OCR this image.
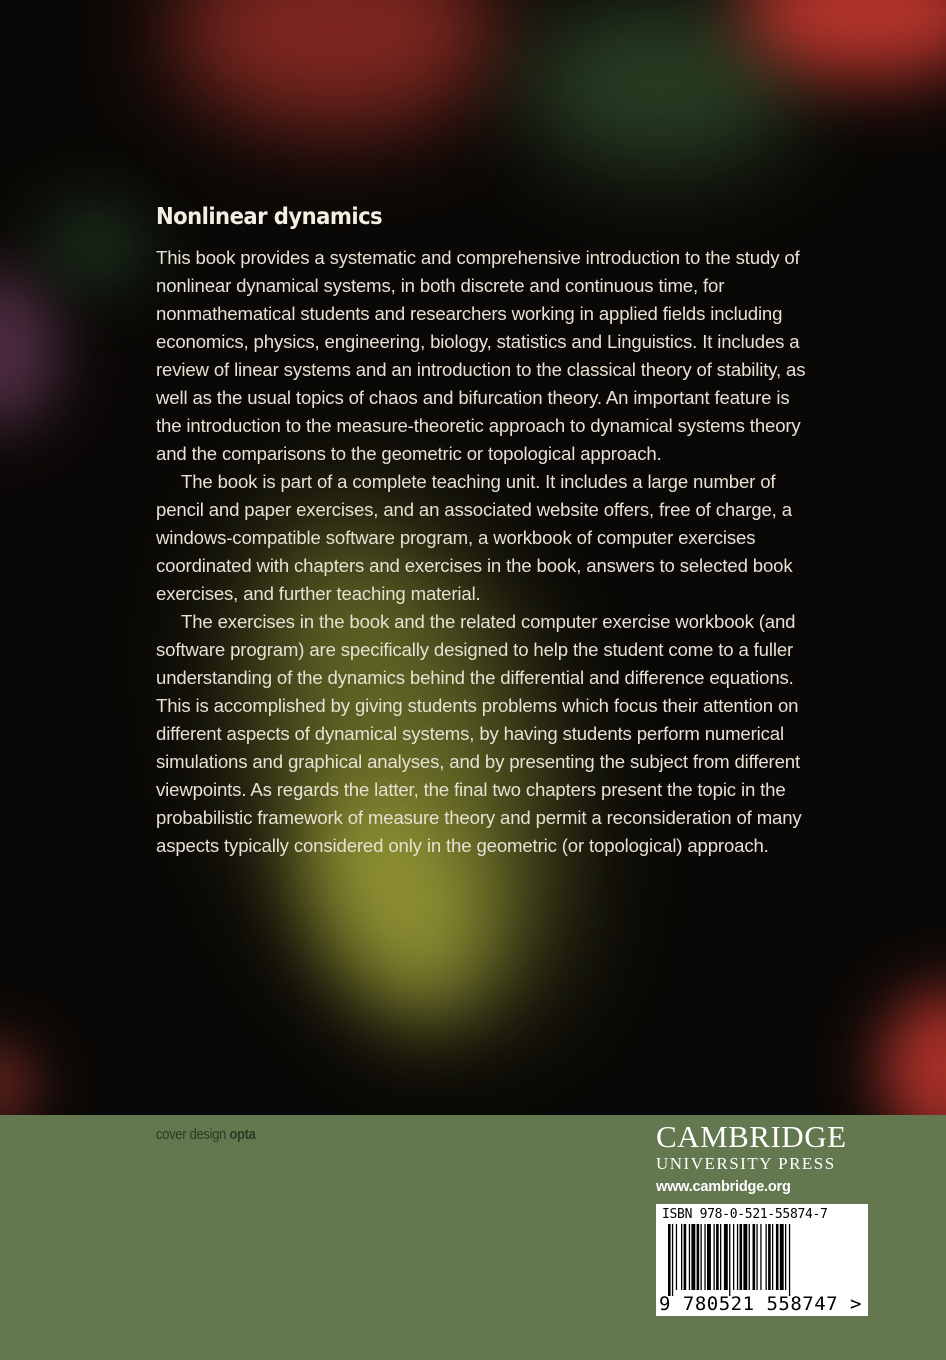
Nonlinear dynamics

This book provides a systematic and comprehensive introduction to the study of nonlinear dynamical systems, in both discrete and continuous time, for nonmathematical students and researchers working in applied fields including economics, physics, engineering, biology, statistics and Linguistics. It includes a review of linear systems and an introduction to the classical theory of stability, as well as the usual topics of chaos and bifurcation theory. An important feature is the introduction to the measure-theoretic approach to dynamical systems theory and the comparisons to the geometric or topological approach.

The book is part of a complete teaching unit. It includes a large number of pencil and paper exercises, and an associated website offers, free of charge, a windows-compatible software program, a workbook of computer exercises coordinated with chapters and exercises in the book, answers to selected book exercises, and further teaching material.

The exercises in the book and the related computer exercise workbook (and software program) are specifically designed to help the student come to a fuller understanding of the dynamics behind the differential and difference equations. This is accomplished by giving students problems which focus their attention on different aspects of dynamical systems, by having students perform numerical simulations and graphical analyses, and by presenting the subject from different viewpoints. As regards the latter, the final two chapters present the topic in the probabilistic framework of measure theory and permit a reconsideration of many aspects typically considered only in the geometric (or topological) approach.

cover design opta	CAMBRIDGE
UNIVERSITY PRESS
www.cambridge.org
ISBN 978-0-521-55874-7
9 780521 558747 >
